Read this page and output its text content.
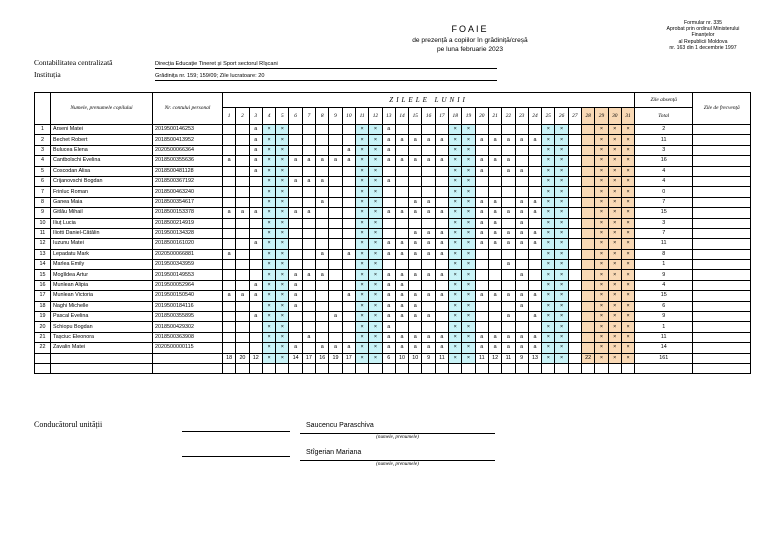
FOAIE
de prezență a copiilor în grădiniță/creșă
pe luna februarie 2023
Formular nr. 335
Aprobat prin ordinul Ministerului
Finanțelor
al Republicii Moldova
nr. 163 din 1 decembrie 1997
Contabilitatea centralizată	Direcția Educație Tineret și Sport sectorul Rîșcani
Instituția	Grădinița nr. 159; 159/09; Zile lucratoare: 20
	Numele, prenumele copilului	Nr. contului personal	ZILELE LUNII																															Zile absență	Zile de frecvență
			1	2	3	4	5	6	7	8	9	10	11	12	13	14	15	16	17	18	19	20	21	22	23	24	25	26	27	28	29	30	31	Total	
1	Arseni Matei	2019500146253			a	×	×						×	×	a					×	×						×	×			×	×	×	2	
2	Bechet Robert	2018500413952			a	×	×						×	×	a	a	a	a	a	×	×	a	a	a	a	a	×	×			×	×	×	11	
3	Bulucea Elena	2020500066364			a	×	×					a	×	×	a					×	×						×	×			×	×	×	3	
4	Cantbolschi Evelina	2018500355636	a		a	×	×	a	a	a	a	a	×	×	a	a	a	a	a	×	×	a	a	a			×	×			×	×	×	16	
5	Coscodan Alisa	2018500481128			a	×	×						×	×						×	×	a		a	a		×	×			×	×	×	4	
6	Crijanovschi Bogdan	2018500367192				×	×	a	a	a			×	×	a					×	×						×	×			×	×	×	4	
7	Frinluc Roman	2018500463240				×	×						×	×						×	×						×	×			×	×	×	0	
8	Ganea Maia	2018500354617				×	×			a			×	×			a	a		×	×	a	a		a	a	×	×			×	×	×	7	
9	Gitlău Mihail	2018500153378	a	a	a	×	×	a	a				×	×	a	a	a	a	a	×	×	a	a	a	a	a	×	×			×	×	×	15	
10	Iliuț Lucia	2018500214919				×	×						×	×						×	×	a	a		a		×	×			×	×	×	3	
11	Iliotti Daniel-Cătălin	2019500134328				×	×						×	×			a	a	a	×	×	a	a	a	a	a	×	×			×	×	×	7	
12	Iuzunu Matei	2018500161020			a	×	×						×	×	a	a	a	a	a	×	×	a	a	a	a	a	×	×			×	×	×	11	
13	Lepadatu Mark	2020500066881	a			×	×			a		a	×	×	a	a	a	a	a	×	×						×	×			×	×	×	8	
14	Marlea Emily	2019500343959				×	×						×	×						×	×			a			×	×			×	×	×	1	
15	Mogîldea Artur	2019500149553				×	×	a	a	a			×	×	a	a	a	a	a	×	×				a		×	×			×	×	×	9	
16	Munlean Alipia	2019500052964			a	×	×	a					×	×	a	a				×	×						×	×			×	×	×	4	
17	Munlean Victoria	2019500150540	a	a	a	×	×	a				a	×	×	a	a	a	a	a	×	×	a	a	a	a	a	×	×			×	×	×	15	
18	Naghi Michelle	2019500184116				×	×	a					×	×	a	a	a			×	×				a		×	×			×	×	×	6	
19	Pascal Evelina	2018500355895			a	×	×				a		×	×	a	a	a	a		×	×			a		a	×	×			×	×	×	9	
20	Schiopu Bogdan	2018500429302				×	×						×	×	a					×	×						×	×			×	×	×	1	
21	Tașciuc Eleonora	2018500363908				×	×		a				×	×	a	a	a	a	a	×	×	a	a	a	a	a	×	×			×	×	×	11	
22	Zavalin Matei	2020500000115				×	×	a		a	a	a	×	×	a	a	a	a	a	×	×	a	a	a	a	a	×	×			×	×	×	14	
			18	20	12	×	×	14	17	16	19	17	×	×	6	10	10	9	11	×	×	11	12	11	9	13	×	×		22	×	×	×	161	

Conducătorul unității	Saucencu Paraschiva
(numele, prenumele)
Stîgerian Mariana
(numele, prenumele)
